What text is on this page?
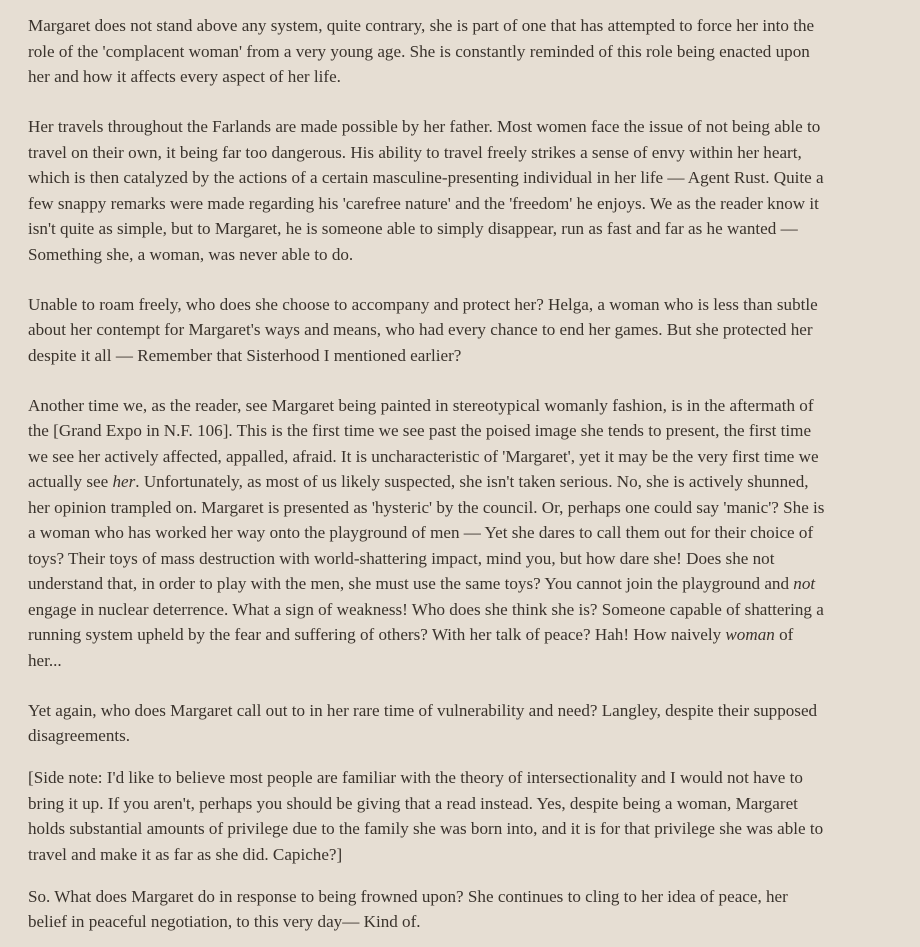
Margaret does not stand above any system, quite contrary, she is part of one that has attempted to force her into the role of the 'complacent woman' from a very young age. She is constantly reminded of this role being enacted upon her and how it affects every aspect of her life.

Her travels throughout the Farlands are made possible by her father. Most women face the issue of not being able to travel on their own, it being far too dangerous. His ability to travel freely strikes a sense of envy within her heart, which is then catalyzed by the actions of a certain masculine-presenting individual in her life — Agent Rust. Quite a few snappy remarks were made regarding his 'carefree nature' and the 'freedom' he enjoys. We as the reader know it isn't quite as simple, but to Margaret, he is someone able to simply disappear, run as fast and far as he wanted — Something she, a woman, was never able to do.

Unable to roam freely, who does she choose to accompany and protect her? Helga, a woman who is less than subtle about her contempt for Margaret's ways and means, who had every chance to end her games. But she protected her despite it all — Remember that Sisterhood I mentioned earlier?

Another time we, as the reader, see Margaret being painted in stereotypical womanly fashion, is in the aftermath of the [Grand Expo in N.F. 106]. This is the first time we see past the poised image she tends to present, the first time we see her actively affected, appalled, afraid. It is uncharacteristic of 'Margaret', yet it may be the very first time we actually see her. Unfortunately, as most of us likely suspected, she isn't taken serious. No, she is actively shunned, her opinion trampled on. Margaret is presented as 'hysteric' by the council. Or, perhaps one could say 'manic'? She is a woman who has worked her way onto the playground of men — Yet she dares to call them out for their choice of toys? Their toys of mass destruction with world-shattering impact, mind you, but how dare she! Does she not understand that, in order to play with the men, she must use the same toys? You cannot join the playground and not engage in nuclear deterrence. What a sign of weakness! Who does she think she is? Someone capable of shattering a running system upheld by the fear and suffering of others? With her talk of peace? Hah! How naively woman of her...

Yet again, who does Margaret call out to in her rare time of vulnerability and need? Langley, despite their supposed disagreements.

[Side note: I'd like to believe most people are familiar with the theory of intersectionality and I would not have to bring it up. If you aren't, perhaps you should be giving that a read instead. Yes, despite being a woman, Margaret holds substantial amounts of privilege due to the family she was born into, and it is for that privilege she was able to travel and make it as far as she did. Capiche?]

So. What does Margaret do in response to being frowned upon? She continues to cling to her idea of peace, her belief in peaceful negotiation, to this very day— Kind of.
